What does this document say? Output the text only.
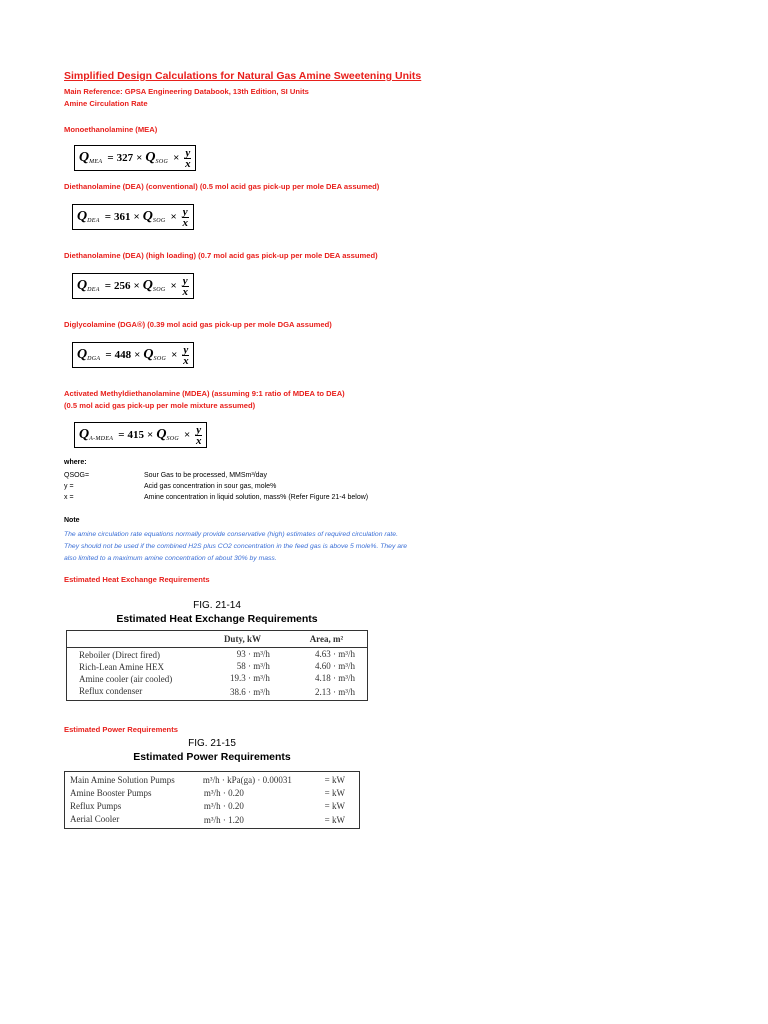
Simplified Design Calculations for Natural Gas Amine Sweetening Units
Main Reference: GPSA Engineering Databook, 13th Edition, SI Units
Amine Circulation Rate
Monoethanolamine (MEA)
Q MEA = 327 × Q SOG × $\frac{y}{x}$
Diethanolamine (DEA) (conventional) (0.5 mol acid gas pick-up per mole DEA assumed)
Q DEA = 361 × Q SOG × $\frac{y}{x}$
Diethanolamine (DEA) (high loading) (0.7 mol acid gas pick-up per mole DEA assumed)
Q DEA = 256 × Q SOG × $\frac{y}{x}$
Diglycolamine (DGA®) (0.39 mol acid gas pick-up per mole DGA assumed)
Q DGA = 448 × Q SOG × $\frac{y}{x}$
Activated Methyldiethanolamine (MDEA) (assuming 9:1 ratio of MDEA to DEA)
(0.5 mol acid gas pick-up per mole mixture assumed)
Q A-MDEA = 415 × Q SOG × $\frac{y}{x}$
where:
QSOG=	Sour Gas to be processed, MMSm³/day
y =	Acid gas concentration in sour gas, mole%
x =	Amine concentration in liquid solution, mass% (Refer Figure 21-4 below)
Note
The amine circulation rate equations normally provide conservative (high) estimates of required circulation rate. They should not be used if the combined H2S plus CO2 concentration in the feed gas is above 5 mole%. They are also limited to a maximum amine concentration of about 30% by mass.
Estimated Heat Exchange Requirements
FIG. 21-14
Estimated Heat Exchange Requirements
	Duty, kW	Area, m²
Reboiler (Direct fired)	93 · m³/h	4.63 · m³/h
Rich-Lean Amine HEX	58 · m³/h	4.60 · m³/h
Amine cooler (air cooled)	19.3 · m³/h	4.18 · m³/h
Reflux condenser	38.6 · m³/h	2.13 · m³/h
Estimated Power Requirements
FIG. 21-15
Estimated Power Requirements
Main Amine Solution Pumps	m³/h · kPa(ga) · 0.00031	= kW
Amine Booster Pumps	m³/h · 0.20	= kW
Reflux Pumps	m³/h · 0.20	= kW
Aerial Cooler	m³/h · 1.20	= kW
